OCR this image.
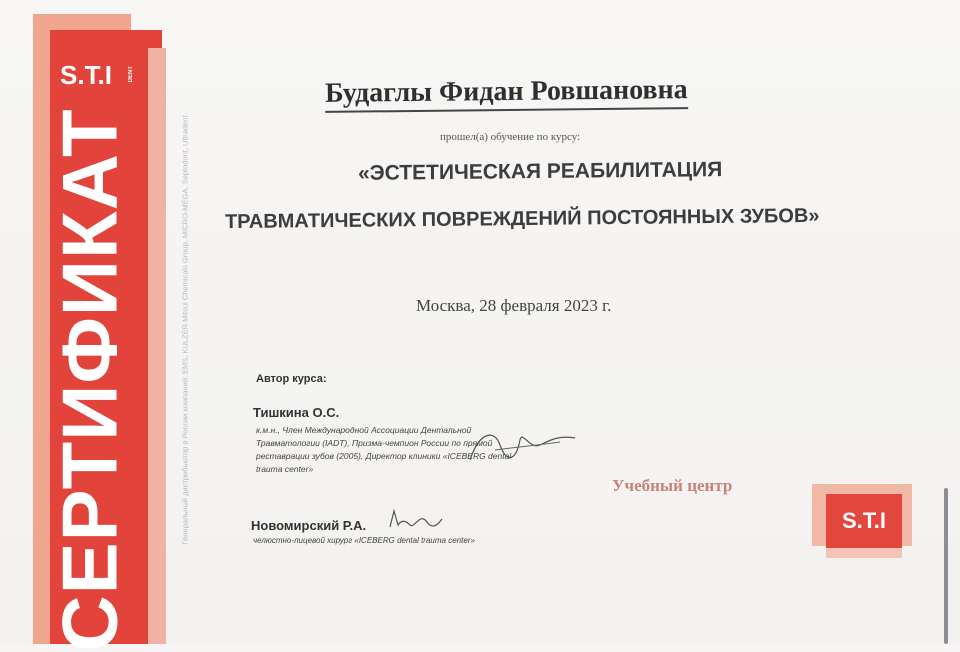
S.T.I	DENT
СЕРТИФИКАТ	Генеральный дистрибьютор в России компаний: EMS, KULZER Mitsui Chemicals Group, MICRO-MEGA, Septodont, Ultradent
Будаглы Фидан Ровшановна
прошел(а) обучение по курсу:
«ЭСТЕТИЧЕСКАЯ РЕАБИЛИТАЦИЯ
ТРАВМАТИЧЕСКИХ ПОВРЕЖДЕНИЙ ПОСТОЯННЫХ ЗУБОВ»
Москва, 28 февраля 2023 г.
Автор курса:
Тишкина О.С.
к.м.н., Член Международной Ассоциации Дентальной Травматологии (IADT), Призма-чемпион России по прямой реставрации зубов (2005), Директор клиники «ICEBERG dental trauma center»
Новомирский Р.А.
челюстно-лицевой хирург «ICEBERG dental trauma center»
Учебный центр
S.T.I
